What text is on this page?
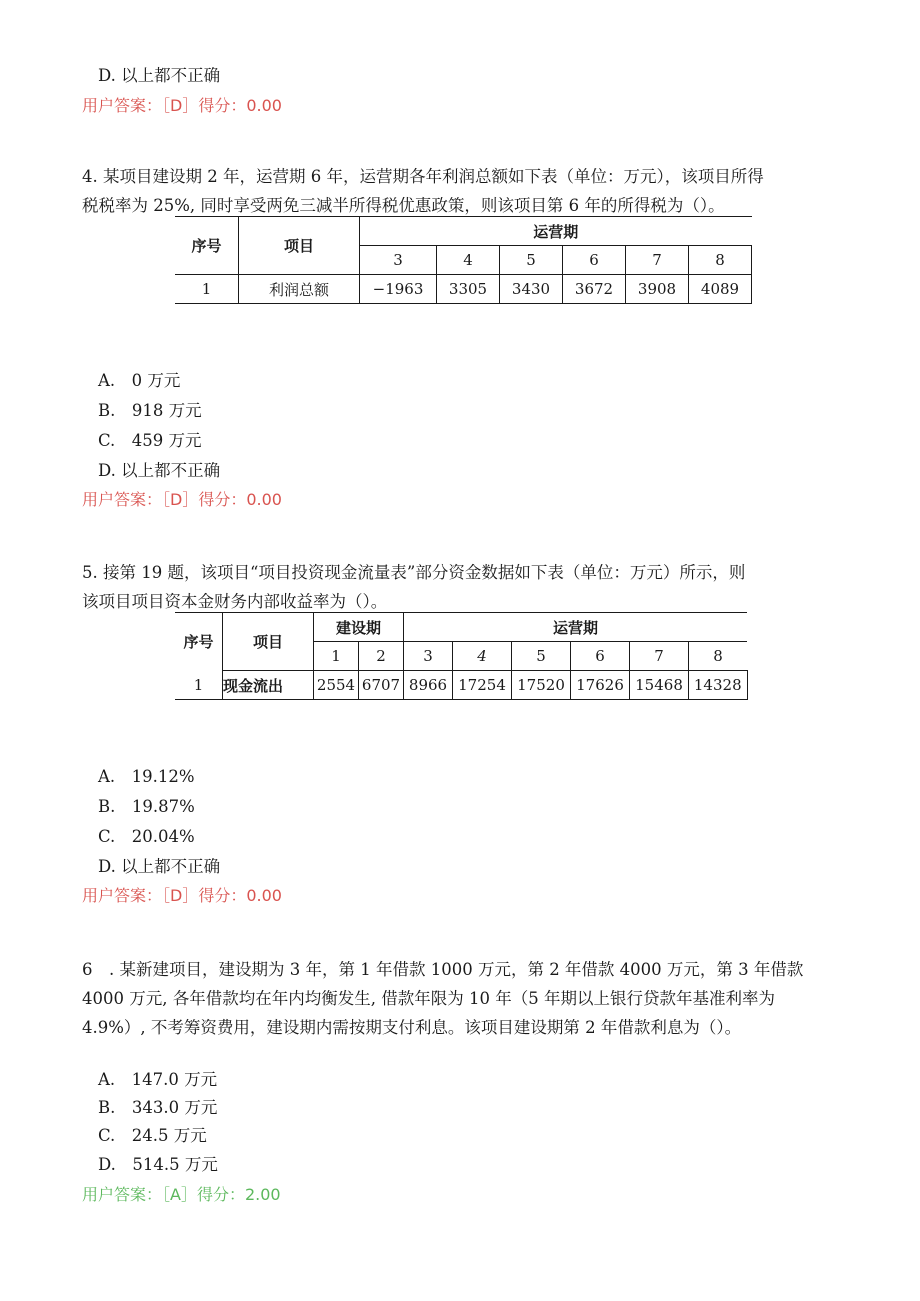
D. 以上都不正确
用户答案：［D］得分：0.00
4. 某项目建设期 2 年，运营期 6 年，运营期各年利润总额如下表（单位：万元），该项目所得
税税率为 25%, 同时享受两免三减半所得税优惠政策，则该项目第 6 年的所得税为（）。
序号	项目	运营期					
		3	4	5	6	7	8
1	利润总额	−1963	3305	3430	3672	3908	4089
A.　0 万元
B.　918 万元
C.　459 万元
D. 以上都不正确
用户答案：［D］得分：0.00
5. 接第 19 题，该项目“项目投资现金流量表”部分资金数据如下表（单位：万元）所示，则
该项目项目资本金财务内部收益率为（）。
序号	项目	建设期		运营期					
		1	2	3	4	5	6	7	8
1	现金流出	2554	6707	8966	17254	17520	17626	15468	14328
A.　19.12%
B.　19.87%
C.　20.04%
D. 以上都不正确
用户答案：［D］得分：0.00
6　. 某新建项目，建设期为 3 年，第 1 年借款 1000 万元，第 2 年借款 4000 万元，第 3 年借款
4000 万元, 各年借款均在年内均衡发生, 借款年限为 10 年（5 年期以上银行贷款年基准利率为
4.9%）, 不考筹资费用，建设期内需按期支付利息。该项目建设期第 2 年借款利息为（）。
A.　147.0 万元
B.　343.0 万元
C.　24.5 万元
D.　514.5 万元
用户答案：［A］得分：2.00
